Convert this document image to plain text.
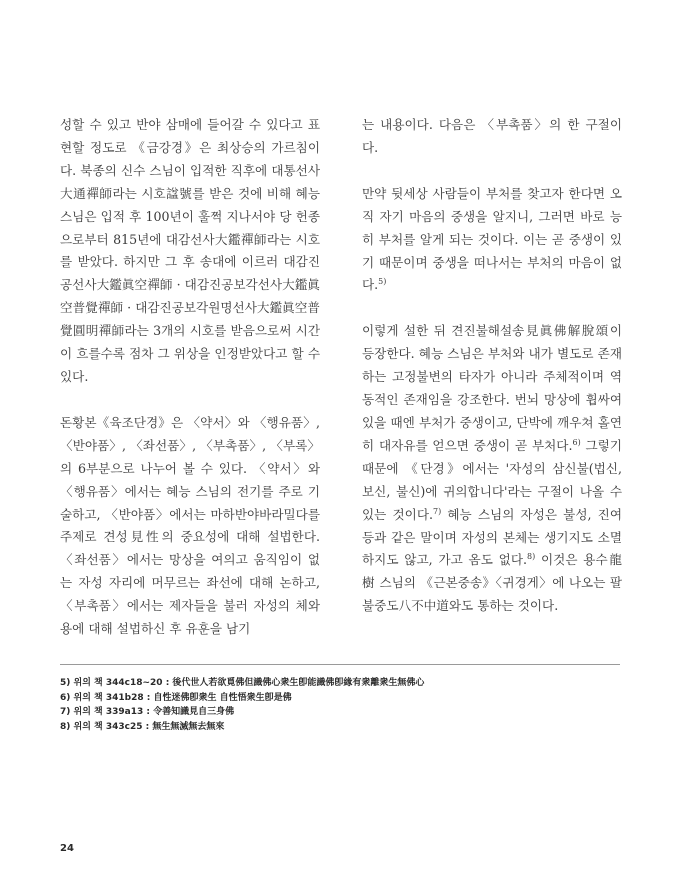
성할 수 있고 반야 삼매에 들어갈 수 있다고 표현할 정도로 《금강경》은 최상승의 가르침이다. 북종의 신수 스님이 입적한 직후에 대통선사大通禪師라는 시호諡號를 받은 것에 비해 혜능 스님은 입적 후 100년이 훌쩍 지나서야 당 헌종으로부터 815년에 대감선사大鑑禪師라는 시호를 받았다. 하지만 그 후 송대에 이르러 대감진공선사大鑑眞空禪師 · 대감진공보각선사大鑑眞空普覺禪師 · 대감진공보각원명선사大鑑眞空普覺圓明禪師라는 3개의 시호를 받음으로써 시간이 흐를수록 점차 그 위상을 인정받았다고 할 수 있다.

돈황본《육조단경》은 〈약서〉와 〈행유품〉, 〈반야품〉, 〈좌선품〉, 〈부촉품〉, 〈부록〉의 6부분으로 나누어 볼 수 있다. 〈약서〉와 〈행유품〉에서는 혜능 스님의 전기를 주로 기술하고, 〈반야품〉에서는 마하반야바라밀다를 주제로 견성見性의 중요성에 대해 설법한다. 〈좌선품〉에서는 망상을 여의고 움직임이 없는 자성 자리에 머무르는 좌선에 대해 논하고, 〈부촉품〉에서는 제자들을 불러 자성의 체와 용에 대해 설법하신 후 유훈을 남기

는 내용이다. 다음은 〈부촉품〉의 한 구절이다.

만약 뒷세상 사람들이 부처를 찾고자 한다면 오직 자기 마음의 중생을 알지니, 그러면 바로 능히 부처를 알게 되는 것이다. 이는 곧 중생이 있기 때문이며 중생을 떠나서는 부처의 마음이 없다.$^{5)}$

이렇게 설한 뒤 견진불해설송見眞佛解脫頌이 등장한다. 혜능 스님은 부처와 내가 별도로 존재하는 고정불변의 타자가 아니라 주체적이며 역동적인 존재임을 강조한다. 번뇌 망상에 휩싸여 있을 때엔 부처가 중생이고, 단박에 깨우쳐 홀연히 대자유를 얻으면 중생이 곧 부처다.$^{6)}$ 그렇기 때문에 《단경》에서는 '자성의 삼신불(법신, 보신, 불신)에 귀의합니다'라는 구절이 나올 수 있는 것이다.$^{7)}$ 혜능 스님의 자성은 불성, 진여 등과 같은 말이며 자성의 본체는 생기지도 소멸하지도 않고, 가고 옴도 없다.$^{8)}$ 이것은 용수龍樹 스님의 《근본중송》〈귀경게〉에 나오는 팔불중도八不中道와도 통하는 것이다.

5) 위의 책 344c18~20 : 後代世人若欲覓佛但識佛心衆生卽能識佛卽緣有衆離衆生無佛心
6) 위의 책 341b28 : 自性迷佛卽衆生 自性悟衆生卽是佛
7) 위의 책 339a13 : 令善知識見自三身佛
8) 위의 책 343c25 : 無生無滅無去無來
24
